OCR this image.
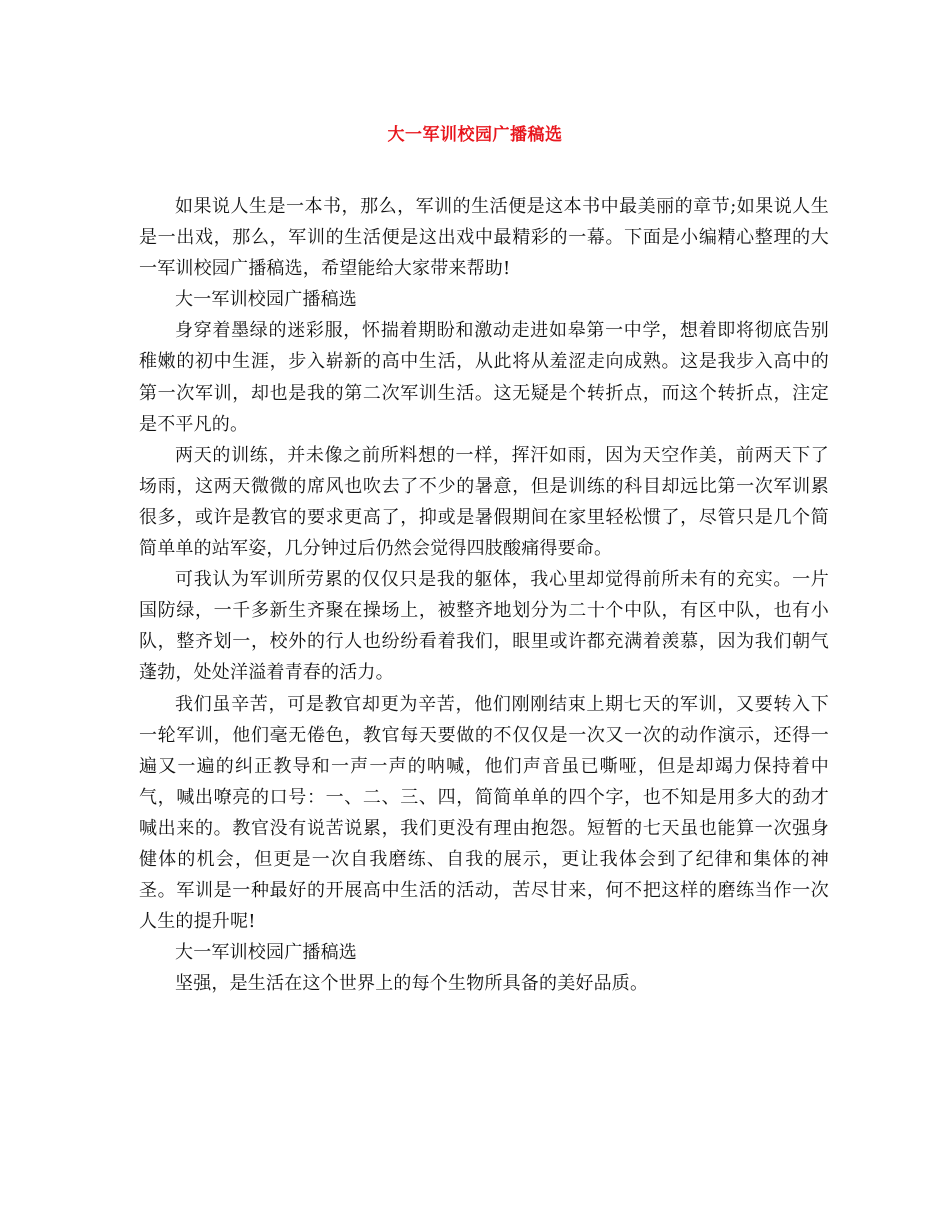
大一军训校园广播稿选

如果说人生是一本书，那么，军训的生活便是这本书中最美丽的章节;如果说人生是一出戏，那么，军训的生活便是这出戏中最精彩的一幕。下面是小编精心整理的大一军训校园广播稿选，希望能给大家带来帮助!

大一军训校园广播稿选

身穿着墨绿的迷彩服，怀揣着期盼和激动走进如皋第一中学，想着即将彻底告别稚嫩的初中生涯，步入崭新的高中生活，从此将从羞涩走向成熟。这是我步入高中的第一次军训，却也是我的第二次军训生活。这无疑是个转折点，而这个转折点，注定是不平凡的。

两天的训练，并未像之前所料想的一样，挥汗如雨，因为天空作美，前两天下了场雨，这两天微微的席风也吹去了不少的暑意，但是训练的科目却远比第一次军训累很多，或许是教官的要求更高了，抑或是暑假期间在家里轻松惯了，尽管只是几个简简单单的站军姿，几分钟过后仍然会觉得四肢酸痛得要命。

可我认为军训所劳累的仅仅只是我的躯体，我心里却觉得前所未有的充实。一片国防绿，一千多新生齐聚在操场上，被整齐地划分为二十个中队，有区中队，也有小队，整齐划一，校外的行人也纷纷看着我们，眼里或许都充满着羡慕，因为我们朝气蓬勃，处处洋溢着青春的活力。

我们虽辛苦，可是教官却更为辛苦，他们刚刚结束上期七天的军训，又要转入下一轮军训，他们毫无倦色，教官每天要做的不仅仅是一次又一次的动作演示，还得一遍又一遍的纠正教导和一声一声的呐喊，他们声音虽已嘶哑，但是却竭力保持着中气，喊出嘹亮的口号：一、二、三、四，简简单单的四个字，也不知是用多大的劲才喊出来的。教官没有说苦说累，我们更没有理由抱怨。短暂的七天虽也能算一次强身健体的机会，但更是一次自我磨练、自我的展示，更让我体会到了纪律和集体的神圣。军训是一种最好的开展高中生活的活动，苦尽甘来，何不把这样的磨练当作一次人生的提升呢!

大一军训校园广播稿选

坚强，是生活在这个世界上的每个生物所具备的美好品质。
